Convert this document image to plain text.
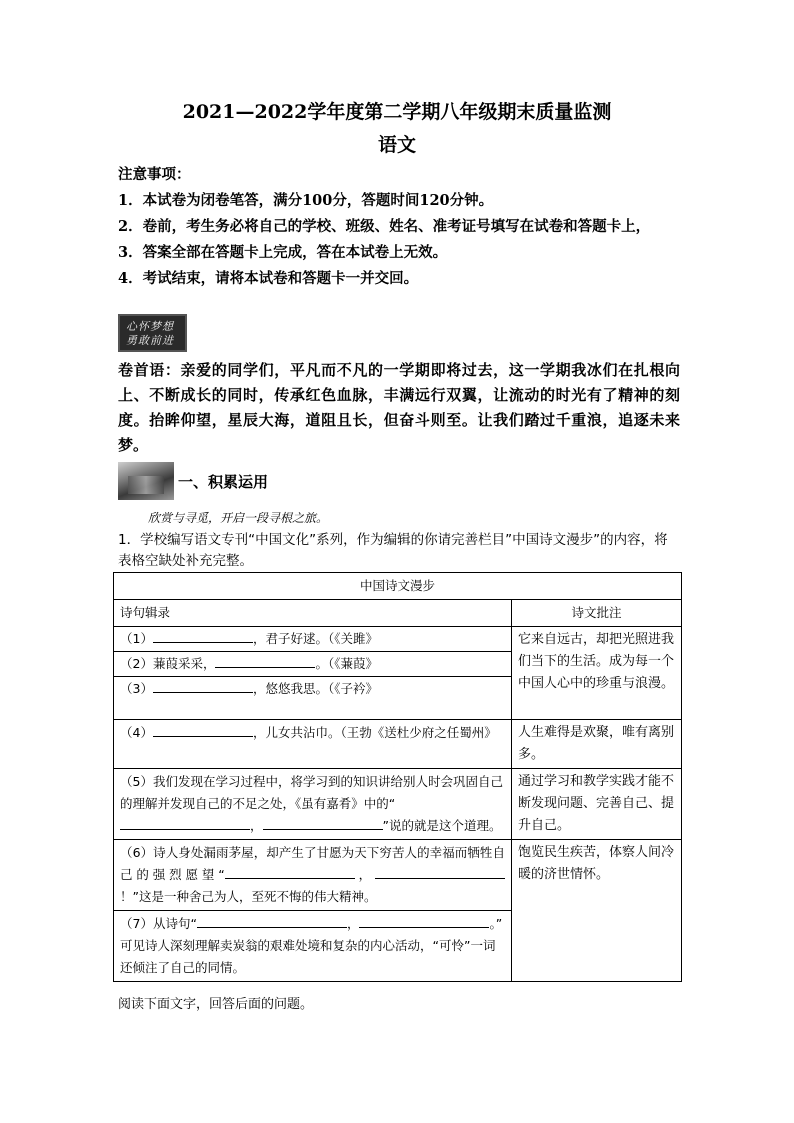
2021—2022学年度第二学期八年级期末质量监测
语文
注意事项：
1．本试卷为闭卷笔答，满分100分，答题时间120分钟。
2．卷前，考生务必将自己的学校、班级、姓名、准考证号填写在试卷和答题卡上，
3．答案全部在答题卡上完成，答在本试卷上无效。
4．考试结束，请将本试卷和答题卡一并交回。
心怀梦想
勇敢前进
卷首语：亲爱的同学们，平凡而不凡的一学期即将过去，这一学期我冰们在扎根向上、不断成长的同时，传承红色血脉，丰满远行双翼，让流动的时光有了精神的刻度。抬眸仰望，星辰大海，道阻且长，但奋斗则至。让我们踏过千重浪，追逐未来梦。
一、积累运用
欣赏与寻觅，开启一段寻根之旅。
1．学校编写语文专刊“中国文化”系列，作为编辑的你请完善栏目”中国诗文漫步”的内容，将表格空缺处补充完整。
中国诗文漫步	
诗句辑录	诗文批注

（1） ，君子好逑。（《关雎》
（2）蒹葭采采， 。（《蒹葭》
（3） ，悠悠我思。（《子衿》	它来自远古，却把光照进我们当下的生活。成为每一个中国人心中的珍重与浪漫。
（4） ，儿女共沾巾。（王勃《送杜少府之任蜀州》	人生难得是欢聚，唯有离别多。
（5）我们发现在学习过程中，将学习到的知识讲给别人时会巩固自己的理解并发现自己的不足之处，《虽有嘉肴》中的“， ”说的就是这个道理。	通过学习和教学实践才能不断发现问题、完善自己、提升自己。
（6）诗人身处漏雨茅屋，却产生了甘愿为天下穷苦人的幸福而牺牲自己的强烈愿望“ ，！”这是一种舍己为人，至死不悔的伟大精神。	饱览民生疾苦，体察人间冷暖的济世情怀。
（7）从诗句“ ， 。”
可见诗人深刻理解卖炭翁的艰难处境和复杂的内心活动，“可怜”一词还倾注了自己的同情。	
阅读下面文字，回答后面的问题。
